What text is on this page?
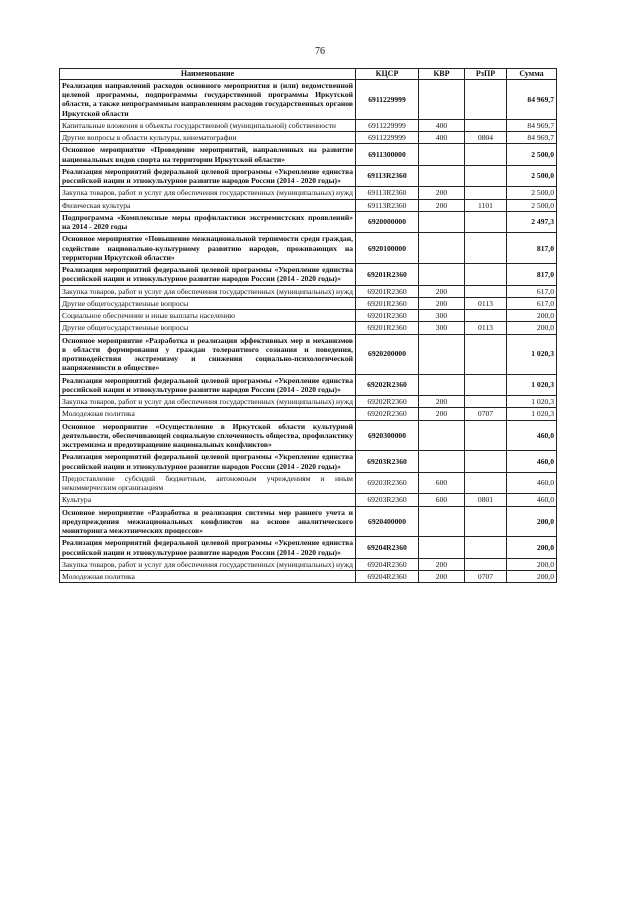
76
Наименование	КЦСР	КВР	РзПР	Сумма
Реализация направлений расходов основного мероприятия и (или) ведомственной целевой программы, подпрограммы государственной программы Иркутской области, а также непрограммным направлениям расходов государственных органов Иркутской области	6911229999			84 969,7
Капитальные вложения в объекты государственной (муниципальной) собственности	6911229999	400		84 969,7
Другие вопросы в области культуры, кинематографии	6911229999	400	0804	84 969,7
Основное мероприятие «Проведение мероприятий, направленных на развитие национальных видов спорта на территории Иркутской области»	6911300000			2 500,0
Реализация мероприятий федеральной целевой программы «Укрепление единства российской нации и этнокультурное развитие народов России (2014 - 2020 годы)»	69113R2360			2 500,0
Закупка товаров, работ и услуг для обеспечения государственных (муниципальных) нужд	69113R2360	200		2 500,0
Физическая культура	69113R2360	200	1101	2 500,0
Подпрограмма «Комплексные меры профилактики экстремистских проявлений» на 2014 - 2020 годы	6920000000			2 497,3
Основное мероприятие «Повышение межнациональной терпимости среди граждан, содействие национально-культурному развитию народов, проживающих на территории Иркутской области»	6920100000			817,0
Реализация мероприятий федеральной целевой программы «Укрепление единства российской нации и этнокультурное развитие народов России (2014 - 2020 годы)»	69201R2360			817,0
Закупка товаров, работ и услуг для обеспечения государственных (муниципальных) нужд	69201R2360	200		617,0
Другие общегосударственные вопросы	69201R2360	200	0113	617,0
Социальное обеспечение и иные выплаты населению	69201R2360	300		200,0
Другие общегосударственные вопросы	69201R2360	300	0113	200,0
Основное мероприятие «Разработка и реализация эффективных мер и механизмов в области формирования у граждан толерантного сознания и поведения, противодействия экстремизму и снижения социально-психологической напряженности в обществе»	6920200000			1 020,3
Реализация мероприятий федеральной целевой программы «Укрепление единства российской нации и этнокультурное развитие народов России (2014 - 2020 годы)»	69202R2360			1 020,3
Закупка товаров, работ и услуг для обеспечения государственных (муниципальных) нужд	69202R2360	200		1 020,3
Молодежная политика	69202R2360	200	0707	1 020,3
Основное мероприятие «Осуществление в Иркутской области культурной деятельности, обеспечивающей социальную сплоченность общества, профилактику экстремизма и предотвращение национальных конфликтов»	6920300000			460,0
Реализация мероприятий федеральной целевой программы «Укрепление единства российской нации и этнокультурное развитие народов России (2014 - 2020 годы)»	69203R2360			460,0
Предоставление субсидий бюджетным, автономным учреждениям и иным некоммерческим организациям	69203R2360	600		460,0
Культура	69203R2360	600	0801	460,0
Основное мероприятие «Разработка и реализация системы мер раннего учета и предупреждения межнациональных конфликтов на основе аналитического мониторинга межэтнических процессов»	6920400000			200,0
Реализация мероприятий федеральной целевой программы «Укрепление единства российской нации и этнокультурное развитие народов России (2014 - 2020 годы)»	69204R2360			200,0
Закупка товаров, работ и услуг для обеспечения государственных (муниципальных) нужд	69204R2360	200		200,0
Молодежная политика	69204R2360	200	0707	200,0
